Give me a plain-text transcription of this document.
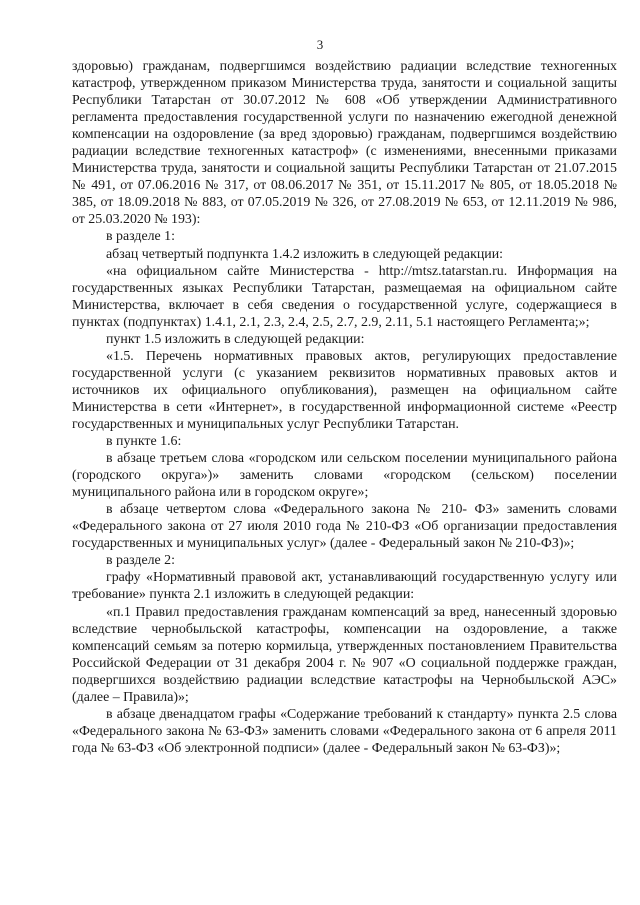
3

здоровью) гражданам, подвергшимся воздействию радиации вследствие техногенных катастроф, утвержденном приказом Министерства труда, занятости и социальной защиты Республики Татарстан от 30.07.2012 № 608 «Об утверждении Административного регламента предоставления государственной услуги по назначению ежегодной денежной компенсации на оздоровление (за вред здоровью) гражданам, подвергшимся воздействию радиации вследствие техногенных катастроф» (с изменениями, внесенными приказами Министерства труда, занятости и социальной защиты Республики Татарстан от 21.07.2015 № 491, от 07.06.2016 № 317, от 08.06.2017 № 351, от 15.11.2017 № 805, от 18.05.2018 № 385, от 18.09.2018 № 883, от 07.05.2019 № 326, от 27.08.2019 № 653, от 12.11.2019 № 986, от 25.03.2020 № 193):

в разделе 1:

абзац четвертый подпункта 1.4.2 изложить в следующей редакции:

«на официальном сайте Министерства - http://mtsz.tatarstan.ru. Информация на государственных языках Республики Татарстан, размещаемая на официальном сайте Министерства, включает в себя сведения о государственной услуге, содержащиеся в пунктах (подпунктах) 1.4.1, 2.1, 2.3, 2.4, 2.5, 2.7, 2.9, 2.11, 5.1 настоящего Регламента;»;

пункт 1.5 изложить в следующей редакции:

«1.5. Перечень нормативных правовых актов, регулирующих предоставление государственной услуги (с указанием реквизитов нормативных правовых актов и источников их официального опубликования), размещен на официальном сайте Министерства в сети «Интернет», в государственной информационной системе «Реестр государственных и муниципальных услуг Республики Татарстан.

в пункте 1.6:

в абзаце третьем слова «городском или сельском поселении муниципального района (городского округа»)» заменить словами «городском (сельском) поселении муниципального района или в городском округе»;

в абзаце четвертом слова «Федерального закона № 210- ФЗ» заменить словами «Федерального закона от 27 июля 2010 года № 210-ФЗ «Об организации предоставления государственных и муниципальных услуг» (далее - Федеральный закон № 210-ФЗ)»;

в разделе 2:

графу «Нормативный правовой акт, устанавливающий государственную услугу или требование» пункта 2.1 изложить в следующей редакции:

«п.1 Правил предоставления гражданам компенсаций за вред, нанесенный здоровью вследствие чернобыльской катастрофы, компенсации на оздоровление, а также компенсаций семьям за потерю кормильца, утвержденных постановлением Правительства Российской Федерации от 31 декабря 2004 г. № 907 «О социальной поддержке граждан, подвергшихся воздействию радиации вследствие катастрофы на Чернобыльской АЭС» (далее – Правила)»;

в абзаце двенадцатом графы «Содержание требований к стандарту» пункта 2.5 слова «Федерального закона № 63-ФЗ» заменить словами «Федерального закона от 6 апреля 2011 года № 63-ФЗ «Об электронной подписи» (далее - Федеральный закон № 63-ФЗ)»;
